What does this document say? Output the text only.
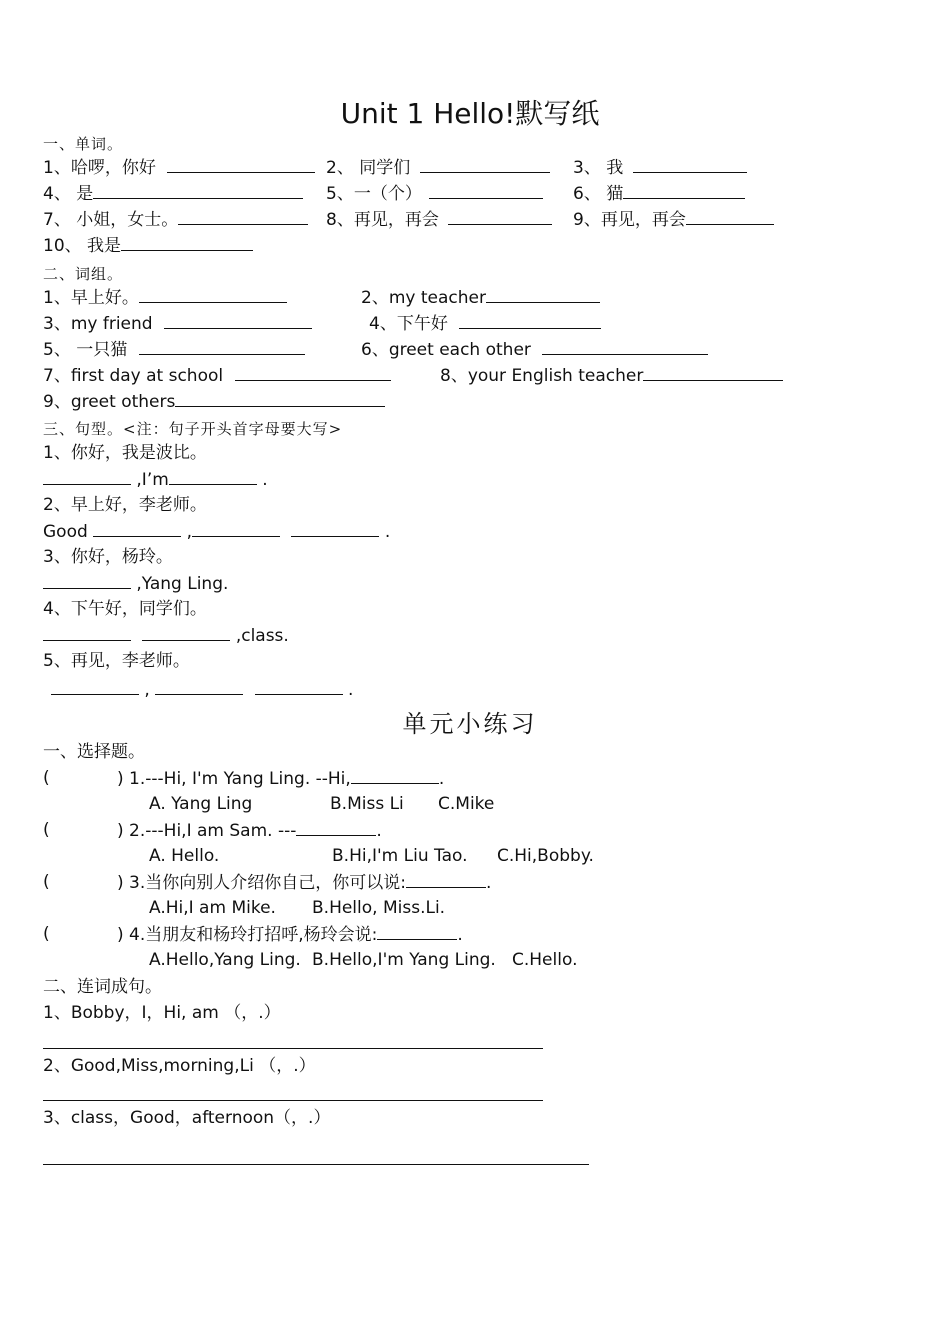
Unit 1 Hello!默写纸
一、单词。
1、哈啰，你好	2、 同学们	3、 我
4、 是	5、一（个）	6、 猫
7、 小姐，女士。	8、再见，再会	9、再见，再会
10、 我是
二、词组。
1、早上好。	2、my teacher
3、my friend	4、下午好
5、 一只猫	6、greet each other
7、first day at school	8、your English teacher
9、greet others
三、句型。<注：句子开头首字母要大写>
1、你好，我是波比。
,I’m	.
2、早上好，李老师。
Good	,	.
3、你好，杨玲。
,Yang Ling.
4、下午好，同学们。
,class.
5、再见，李老师。
,	.
单元小练习
一、选择题。
(	) 1.---Hi, I'm Yang Ling. --Hi,	.
A. Yang Ling	B.Miss Li C.Mike
(	) 2.---Hi,I am Sam. ---	.
A. Hello.	B.Hi,I'm Liu Tao. C.Hi,Bobby.
(	) 3.当你向别人介绍你自己，你可以说:	.
A.Hi,I am Mike. B.Hello, Miss.Li.
(	) 4.当朋友和杨玲打招呼,杨玲会说:	.
A.Hello,Yang Ling. B.Hello,I'm Yang Ling. C.Hello.
二、连词成句。
1、Bobby，I，Hi, am （，.）
2、Good,Miss,morning,Li （，.）
3、class，Good，afternoon（，.）
